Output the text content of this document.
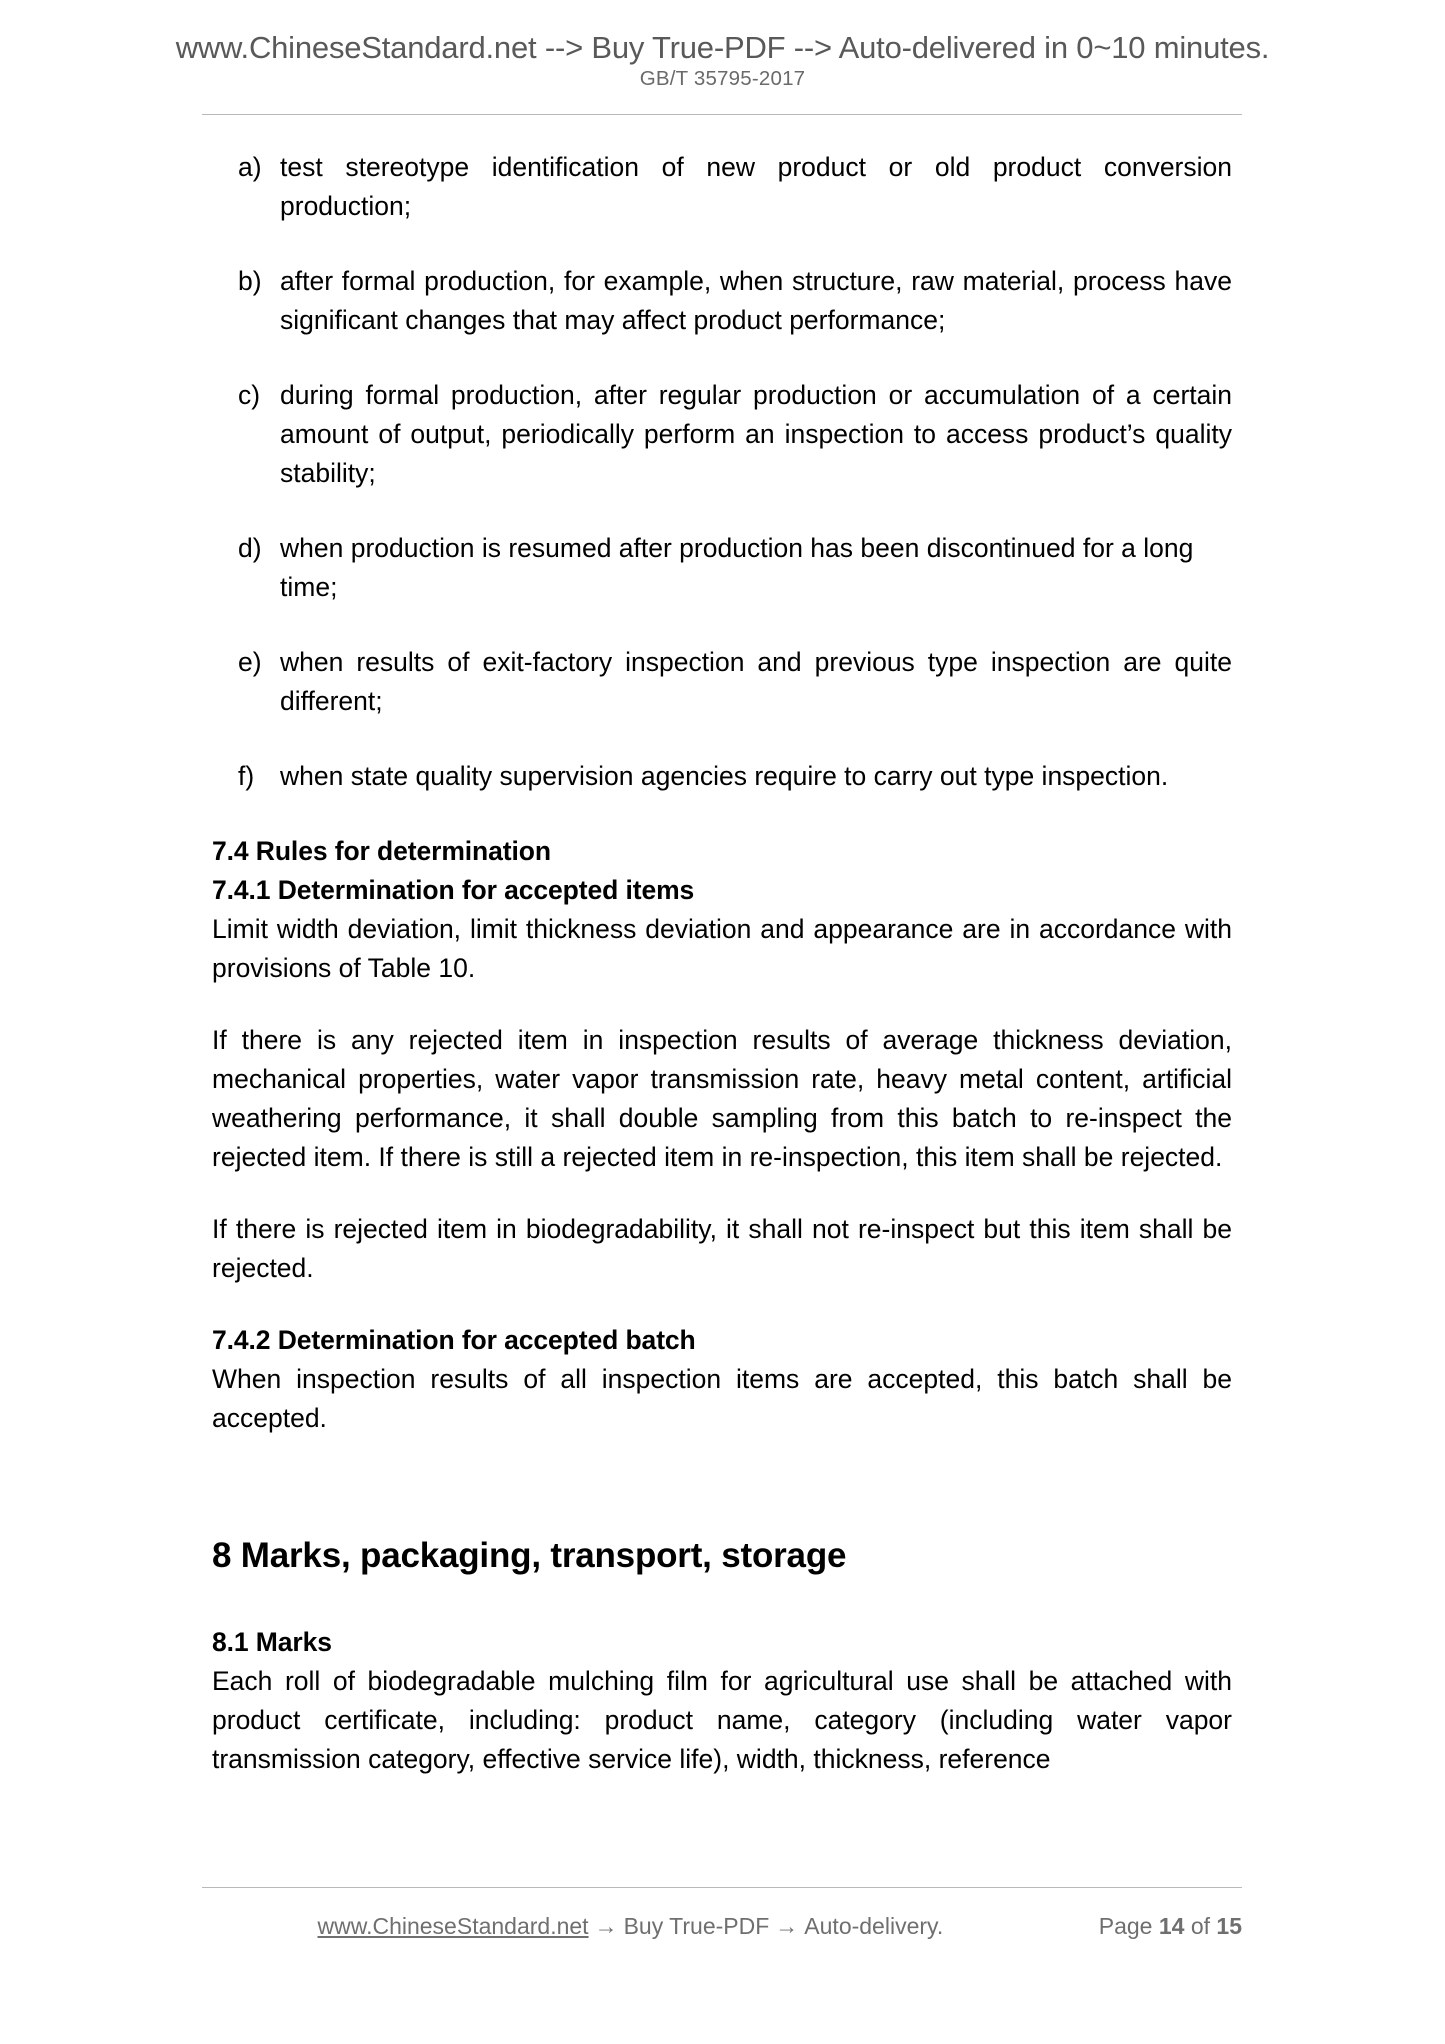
www.ChineseStandard.net --> Buy True-PDF --> Auto-delivered in 0~10 minutes.
GB/T 35795-2017
a) test stereotype identification of new product or old product conversion production;
b) after formal production, for example, when structure, raw material, process have significant changes that may affect product performance;
c) during formal production, after regular production or accumulation of a certain amount of output, periodically perform an inspection to access product’s quality stability;
d) when production is resumed after production has been discontinued for a long time;
e) when results of exit-factory inspection and previous type inspection are quite different;
f) when state quality supervision agencies require to carry out type inspection.
7.4 Rules for determination
7.4.1 Determination for accepted items

Limit width deviation, limit thickness deviation and appearance are in accordance with provisions of Table 10.

If there is any rejected item in inspection results of average thickness deviation, mechanical properties, water vapor transmission rate, heavy metal content, artificial weathering performance, it shall double sampling from this batch to re-inspect the rejected item. If there is still a rejected item in re-inspection, this item shall be rejected.

If there is rejected item in biodegradability, it shall not re-inspect but this item shall be rejected.

7.4.2 Determination for accepted batch

When inspection results of all inspection items are accepted, this batch shall be accepted.

8 Marks, packaging, transport, storage
8.1 Marks

Each roll of biodegradable mulching film for agricultural use shall be attached with product certificate, including: product name, category (including water vapor transmission category, effective service life), width, thickness, reference

www.ChineseStandard.net → Buy True-PDF → Auto-delivery.	Page 14 of 15
